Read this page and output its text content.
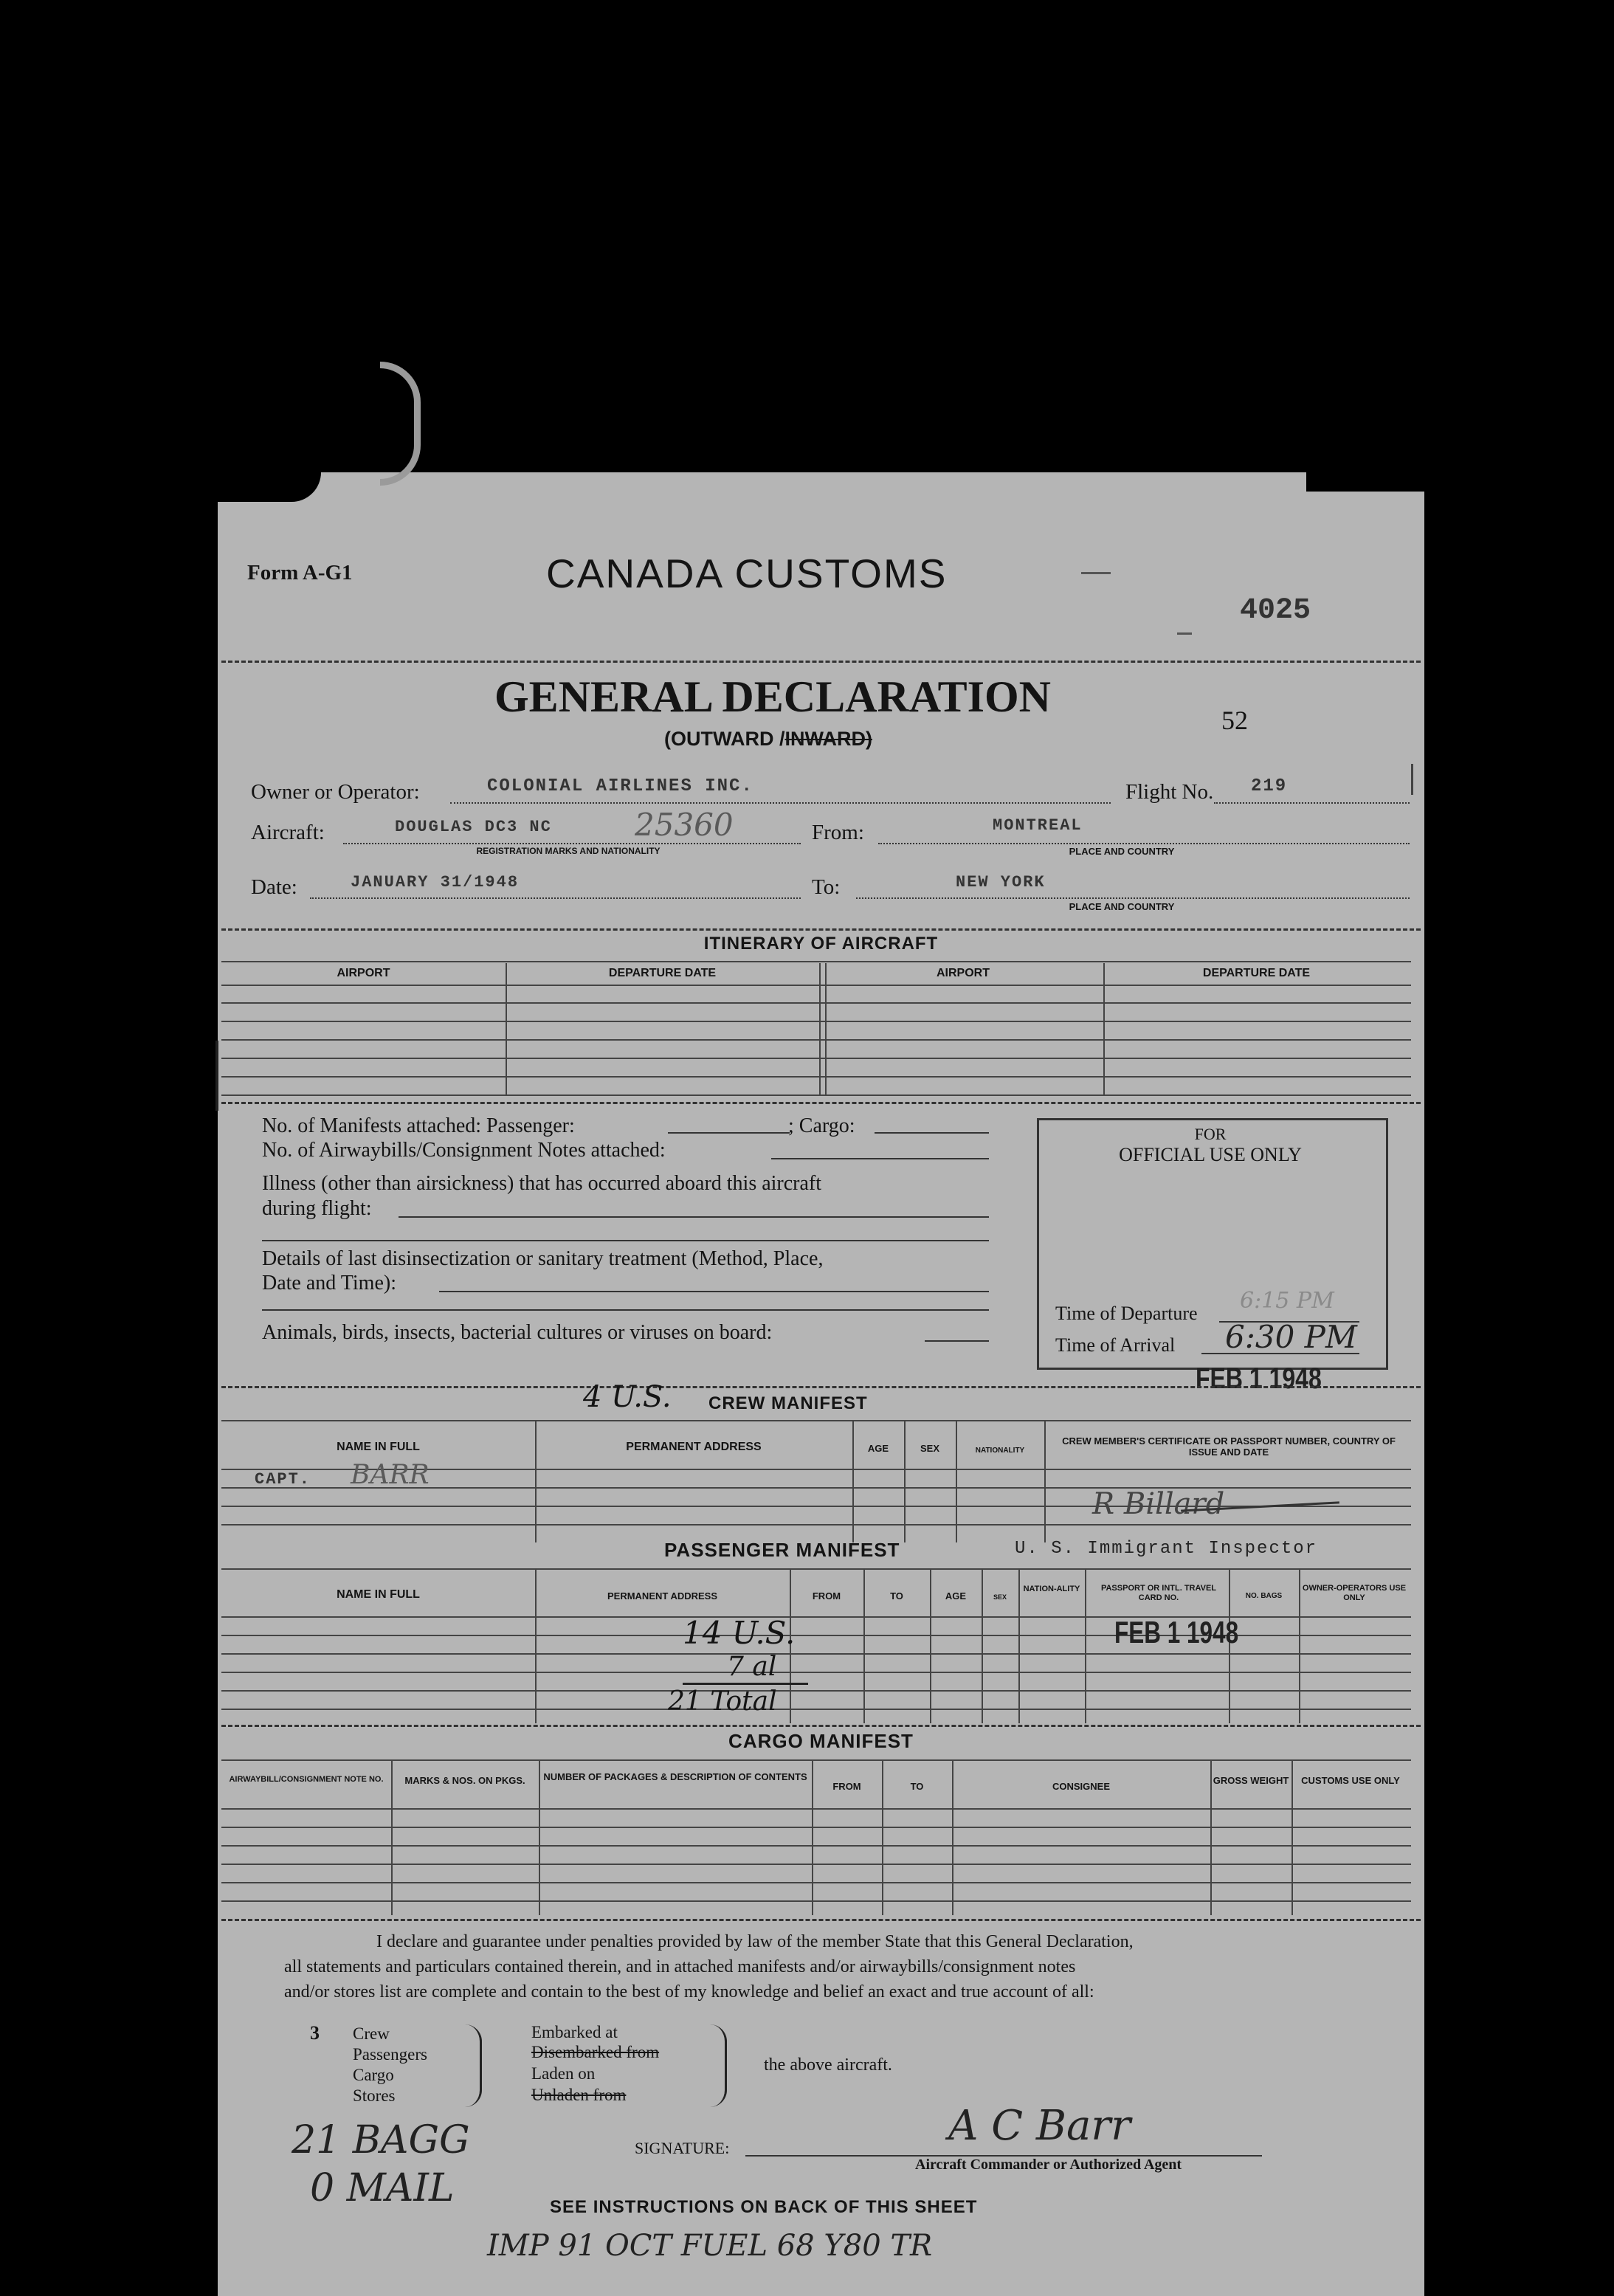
Form A-G1	CANADA CUSTOMS
4025
GENERAL DECLARATION
(OUTWARD /INWARD)
52
Owner or Operator:	COLONIAL AIRLINES INC.	Flight No. 219
Aircraft:	DOUGLAS DC3 NC	25360
REGISTRATION MARKS AND NATIONALITY
From:	MONTREAL
PLACE AND COUNTRY
Date:	JANUARY 31/1948	To:	NEW YORK
PLACE AND COUNTRY
ITINERARY OF AIRCRAFT
AIRPORT	DEPARTURE DATE	AIRPORT	DEPARTURE DATE
No. of Manifests attached: Passenger:	; Cargo:
No. of Airwaybills/Consignment Notes attached:
Illness (other than airsickness) that has occurred aboard this aircraft
during flight:
Details of last disinsectization or sanitary treatment (Method, Place,
Date and Time):
Animals, birds, insects, bacterial cultures or viruses on board:
FOR
OFFICIAL USE ONLY
Time of Departure 6:15 PM
Time of Arrival 6:30 PM
FEB 1 1948
4 U.S. CREW MANIFEST
NAME IN FULL	PERMANENT ADDRESS	AGE	SEX	NATIONALITY
CREW MEMBER'S CERTIFICATE OR PASSPORT NUMBER, COUNTRY OF ISSUE AND DATE
CAPT. BARR
R Billard
PASSENGER MANIFEST	U. S. Immigrant Inspector
NAME IN FULL	PERMANENT ADDRESS	FROM	TO	AGE	SEX
NATION-ALITY	PASSPORT OR INTL. TRAVEL CARD NO.	NO. BAGS
OWNER-OPERATORS USE ONLY
14 U.S.
7 al
21 Total
FEB 1 1948
CARGO MANIFEST
AIRWAYBILL/CONSIGNMENT NOTE NO.	MARKS & NOS. ON PKGS.	NUMBER OF PACKAGES & DESCRIPTION OF CONTENTS
FROM	TO	CONSIGNEE
GROSS WEIGHT	CUSTOMS USE ONLY
I declare and guarantee under penalties provided by law of the member State that this General Declaration,
all statements and particulars contained therein, and in attached manifests and/or airwaybills/consignment notes
and/or stores list are complete and contain to the best of my knowledge and belief an exact and true account of all:
3 Crew
Passengers
Cargo
Stores
Embarked at
Disembarked from
Laden on
Unladen from
the above aircraft.
SIGNATURE:	A C Barr
Aircraft Commander or Authorized Agent
SEE INSTRUCTIONS ON BACK OF THIS SHEET
21 BAGG
0 MAIL
IMP 91 OCT FUEL 68 Y80 TR
